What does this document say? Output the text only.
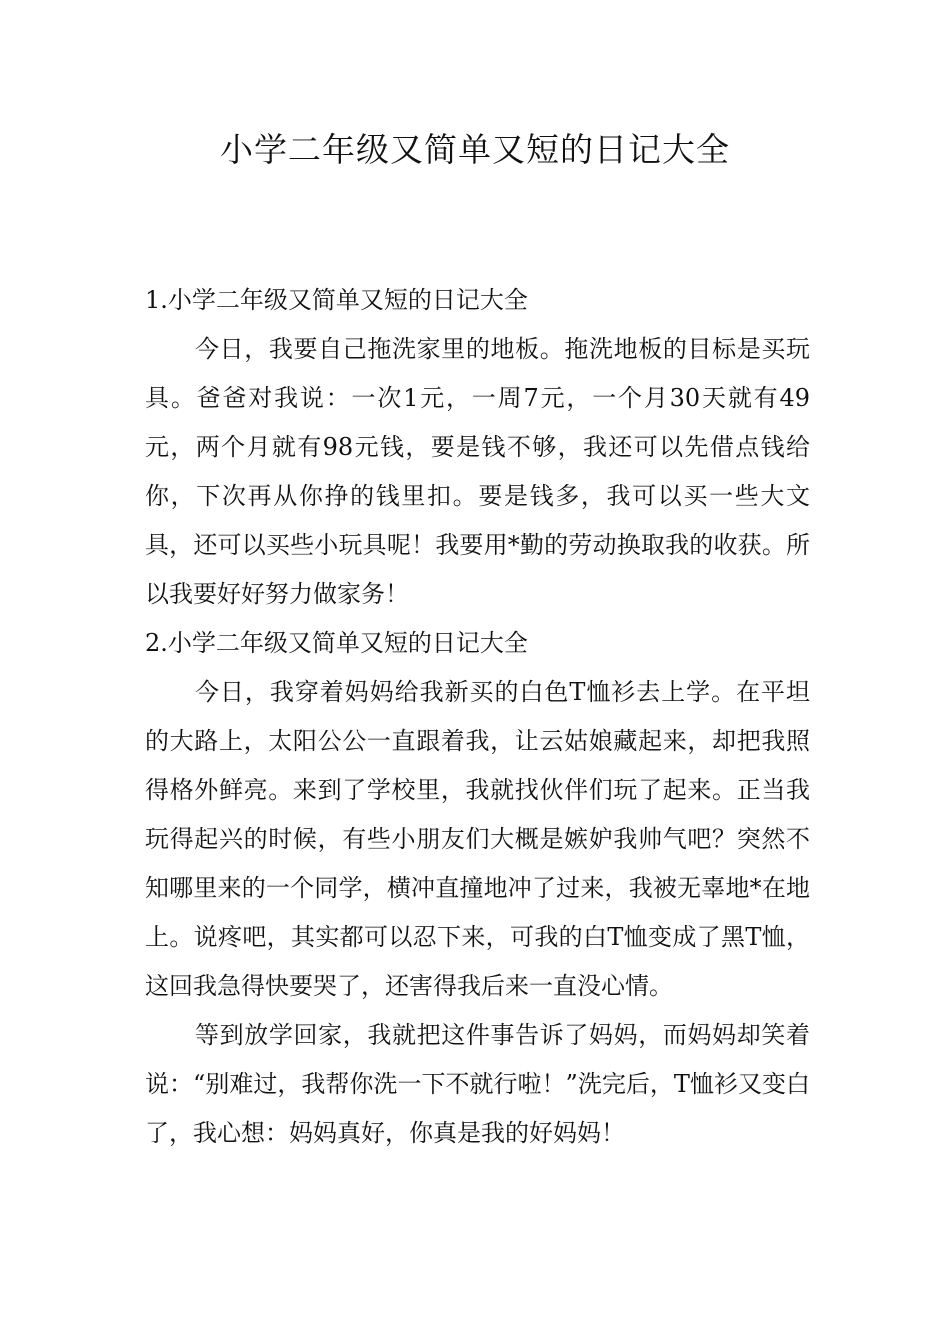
小学二年级又简单又短的日记大全

1.小学二年级又简单又短的日记大全

今日，我要自己拖洗家里的地板。拖洗地板的目标是买玩具。爸爸对我说：一次1元，一周7元，一个月30天就有49元，两个月就有98元钱，要是钱不够，我还可以先借点钱给你，下次再从你挣的钱里扣。要是钱多，我可以买一些大文具，还可以买些小玩具呢！我要用*勤的劳动换取我的收获。所以我要好好努力做家务！

2.小学二年级又简单又短的日记大全

今日，我穿着妈妈给我新买的白色T恤衫去上学。在平坦的大路上，太阳公公一直跟着我，让云姑娘藏起来，却把我照得格外鲜亮。来到了学校里，我就找伙伴们玩了起来。正当我玩得起兴的时候，有些小朋友们大概是嫉妒我帅气吧？突然不知哪里来的一个同学，横冲直撞地冲了过来，我被无辜地*在地上。说疼吧，其实都可以忍下来，可我的白T恤变成了黑T恤，这回我急得快要哭了，还害得我后来一直没心情。

等到放学回家，我就把这件事告诉了妈妈，而妈妈却笑着说：“别难过，我帮你洗一下不就行啦！”洗完后，T恤衫又变白了，我心想：妈妈真好，你真是我的好妈妈！
